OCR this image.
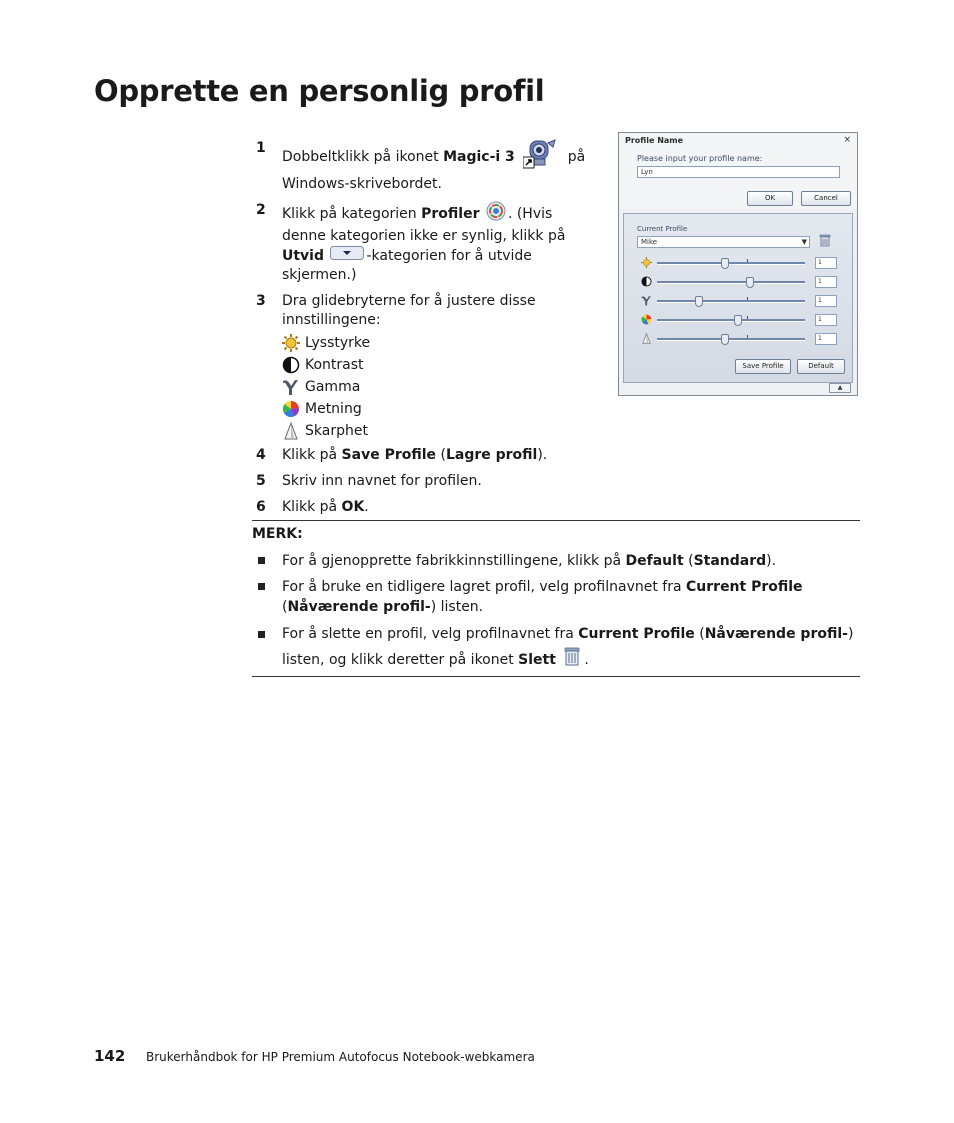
Opprette en personlig profil
1
Dobbeltklikk på ikonet Magic-i 3	på Windows-skrivebordet.
2 Klikk på kategorien Profiler . (Hvis denne kategorien ikke er synlig, klikk på Utvid	-kategorien for å utvide skjermen.)
3 Dra glidebryterne for å justere disse innstillingene:
Lysstyrke
Kontrast
Gamma
Metning
Skarphet
4 Klikk på Save Profile (Lagre profil).
5 Skriv inn navnet for profilen.
6 Klikk på OK.
Profile Name	×
Please input your profile name:
Lyn
OK	Cancel
Current Profile
Mike	▼
1
1
1
1
1
Save Profile	Default
▲
MERK:
For å gjenopprette fabrikkinnstillingene, klikk på Default (Standard).
For å bruke en tidligere lagret profil, velg profilnavnet fra Current Profile (Nåværende profil-) listen.
For å slette en profil, velg profilnavnet fra Current Profile (Nåværende profil-) listen, og klikk deretter på ikonet Slett .
142 Brukerhåndbok for HP Premium Autofocus Notebook-webkamera
